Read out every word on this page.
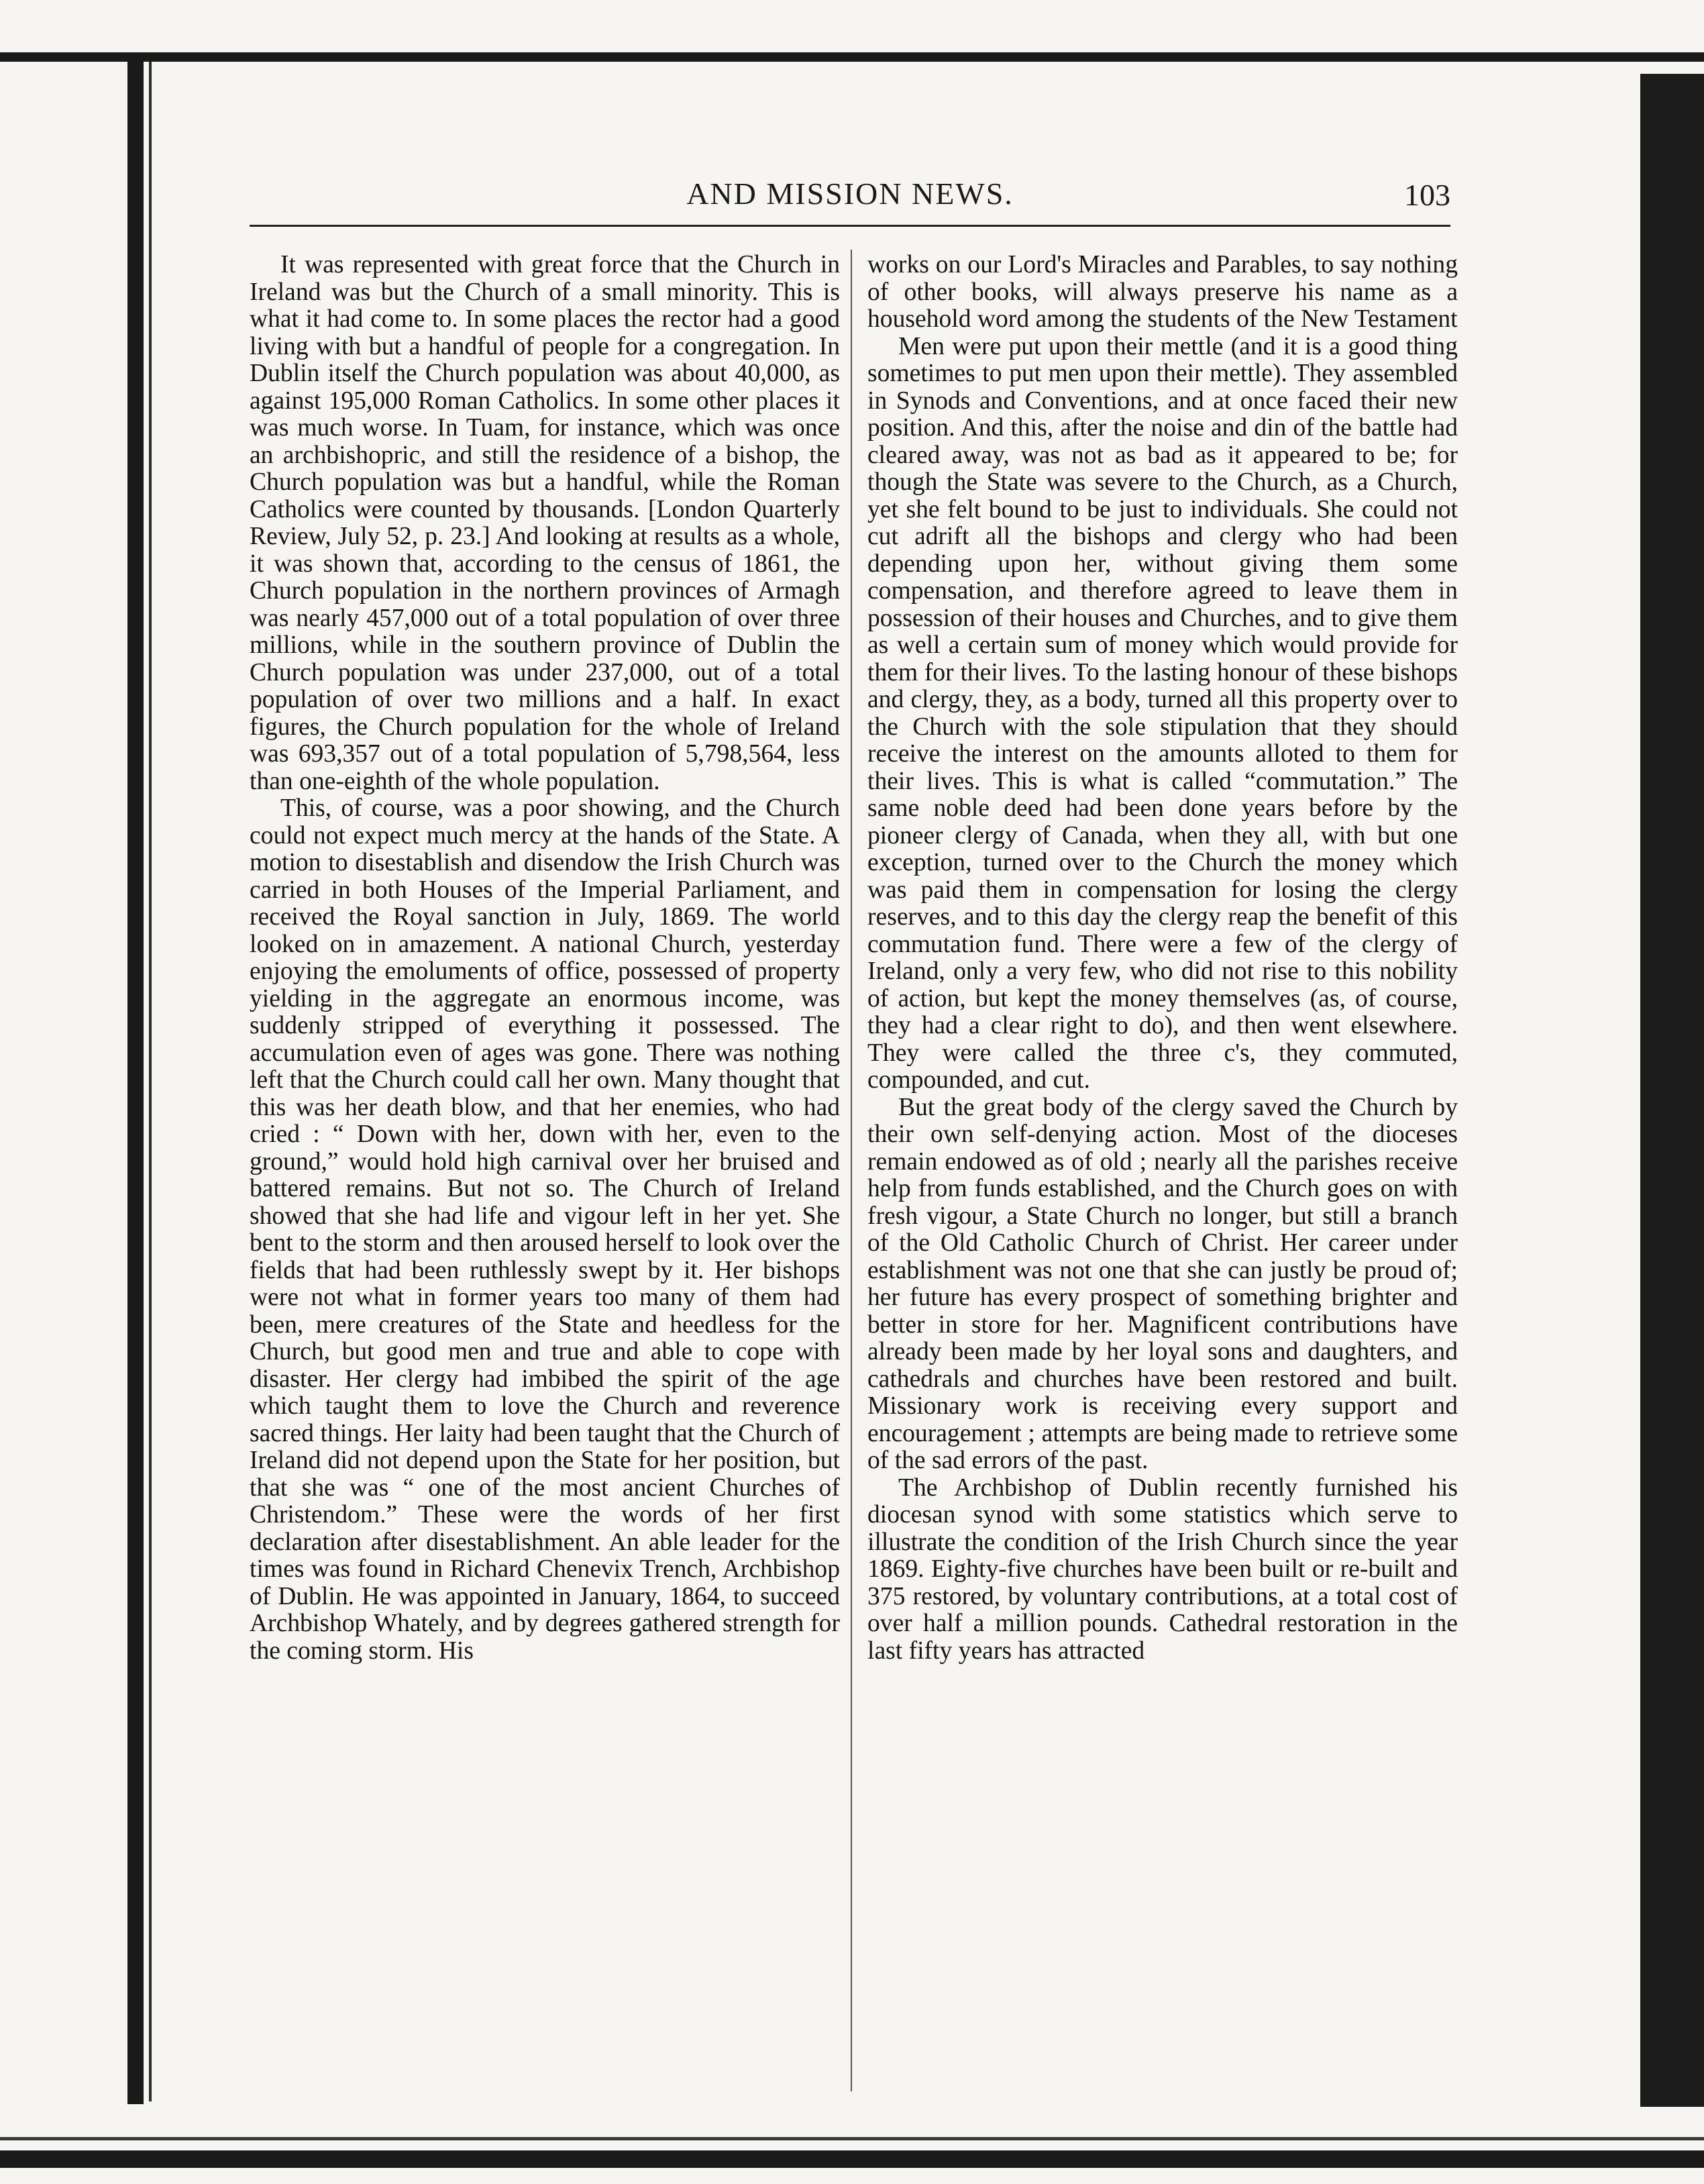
AND MISSION NEWS.	103

It was represented with great force that the Church in Ireland was but the Church of a small minority. This is what it had come to. In some places the rector had a good living with but a handful of people for a congregation. In Dublin itself the Church population was about 40,000, as against 195,000 Roman Catholics. In some other places it was much worse. In Tuam, for instance, which was once an archbishopric, and still the residence of a bishop, the Church population was but a handful, while the Roman Catholics were counted by thousands. [London Quarterly Review, July 52, p. 23.] And looking at results as a whole, it was shown that, according to the census of 1861, the Church population in the northern provinces of Armagh was nearly 457,000 out of a total population of over three millions, while in the southern province of Dublin the Church population was under 237,000, out of a total population of over two millions and a half. In exact figures, the Church population for the whole of Ireland was 693,357 out of a total population of 5,798,564, less than one-eighth of the whole population.

This, of course, was a poor showing, and the Church could not expect much mercy at the hands of the State. A motion to disestablish and disendow the Irish Church was carried in both Houses of the Imperial Parliament, and received the Royal sanction in July, 1869. The world looked on in amazement. A national Church, yesterday enjoying the emoluments of office, possessed of property yielding in the aggregate an enormous income, was suddenly stripped of everything it possessed. The accumulation even of ages was gone. There was nothing left that the Church could call her own. Many thought that this was her death blow, and that her enemies, who had cried : “ Down with her, down with her, even to the ground,” would hold high carnival over her bruised and battered remains. But not so. The Church of Ireland showed that she had life and vigour left in her yet. She bent to the storm and then aroused herself to look over the fields that had been ruthlessly swept by it. Her bishops were not what in former years too many of them had been, mere creatures of the State and heedless for the Church, but good men and true and able to cope with disaster. Her clergy had imbibed the spirit of the age which taught them to love the Church and reverence sacred things. Her laity had been taught that the Church of Ireland did not depend upon the State for her position, but that she was “ one of the most ancient Churches of Christendom.” These were the words of her first declaration after disestablishment. An able leader for the times was found in Richard Chenevix Trench, Archbishop of Dublin. He was appointed in January, 1864, to succeed Archbishop Whately, and by degrees gathered strength for the coming storm. His

works on our Lord's Miracles and Parables, to say nothing of other books, will always preserve his name as a household word among the students of the New Testament

Men were put upon their mettle (and it is a good thing sometimes to put men upon their mettle). They assembled in Synods and Conventions, and at once faced their new position. And this, after the noise and din of the battle had cleared away, was not as bad as it appeared to be; for though the State was severe to the Church, as a Church, yet she felt bound to be just to individuals. She could not cut adrift all the bishops and clergy who had been depending upon her, without giving them some compensation, and therefore agreed to leave them in possession of their houses and Churches, and to give them as well a certain sum of money which would provide for them for their lives. To the lasting honour of these bishops and clergy, they, as a body, turned all this property over to the Church with the sole stipulation that they should receive the interest on the amounts alloted to them for their lives. This is what is called “commutation.” The same noble deed had been done years before by the pioneer clergy of Canada, when they all, with but one exception, turned over to the Church the money which was paid them in compensation for losing the clergy reserves, and to this day the clergy reap the benefit of this commutation fund. There were a few of the clergy of Ireland, only a very few, who did not rise to this nobility of action, but kept the money themselves (as, of course, they had a clear right to do), and then went elsewhere. They were called the three c's, they commuted, compounded, and cut.

But the great body of the clergy saved the Church by their own self-denying action. Most of the dioceses remain endowed as of old ; nearly all the parishes receive help from funds established, and the Church goes on with fresh vigour, a State Church no longer, but still a branch of the Old Catholic Church of Christ. Her career under establishment was not one that she can justly be proud of; her future has every prospect of something brighter and better in store for her. Magnificent contributions have already been made by her loyal sons and daughters, and cathedrals and churches have been restored and built. Missionary work is receiving every support and encouragement ; attempts are being made to retrieve some of the sad errors of the past.

The Archbishop of Dublin recently furnished his diocesan synod with some statistics which serve to illustrate the condition of the Irish Church since the year 1869. Eighty-five churches have been built or re-built and 375 restored, by voluntary contributions, at a total cost of over half a million pounds. Cathedral restoration in the last fifty years has attracted
